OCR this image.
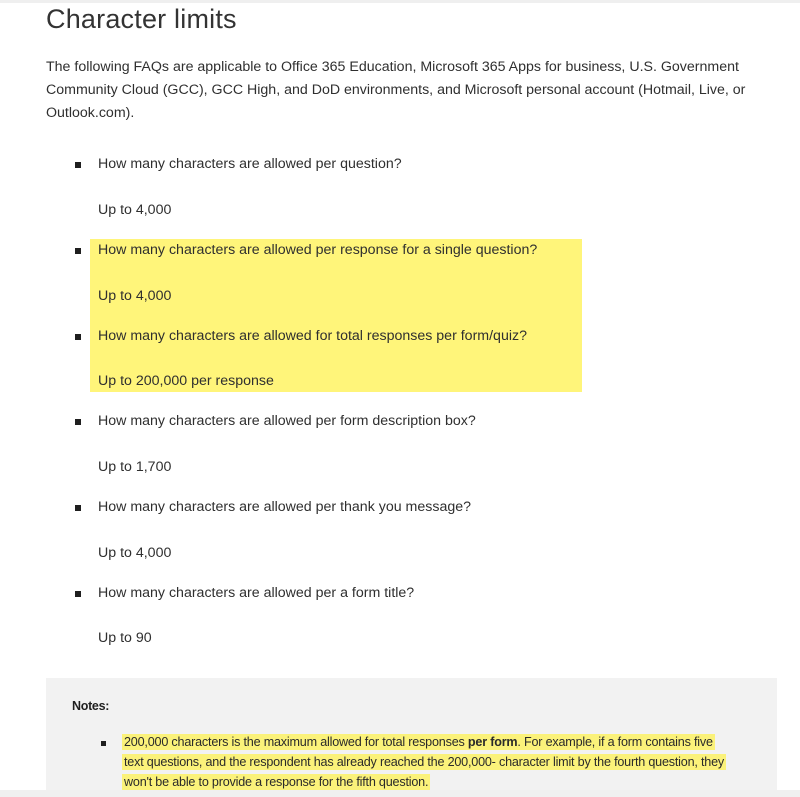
Character limits

The following FAQs are applicable to Office 365 Education, Microsoft 365 Apps for business, U.S. Government Community Cloud (GCC), GCC High, and DoD environments, and Microsoft personal account (Hotmail, Live, or Outlook.com).

How many characters are allowed per question?
Up to 4,000
How many characters are allowed per response for a single question?
Up to 4,000
How many characters are allowed for total responses per form/quiz?
Up to 200,000 per response
How many characters are allowed per form description box?
Up to 1,700
How many characters are allowed per thank you message?
Up to 4,000
How many characters are allowed per a form title?
Up to 90
Notes:
200,000 characters is the maximum allowed for total responses per form. For example, if a form contains five text questions, and the respondent has already reached the 200,000- character limit by the fourth question, they won't be able to provide a response for the fifth question.
